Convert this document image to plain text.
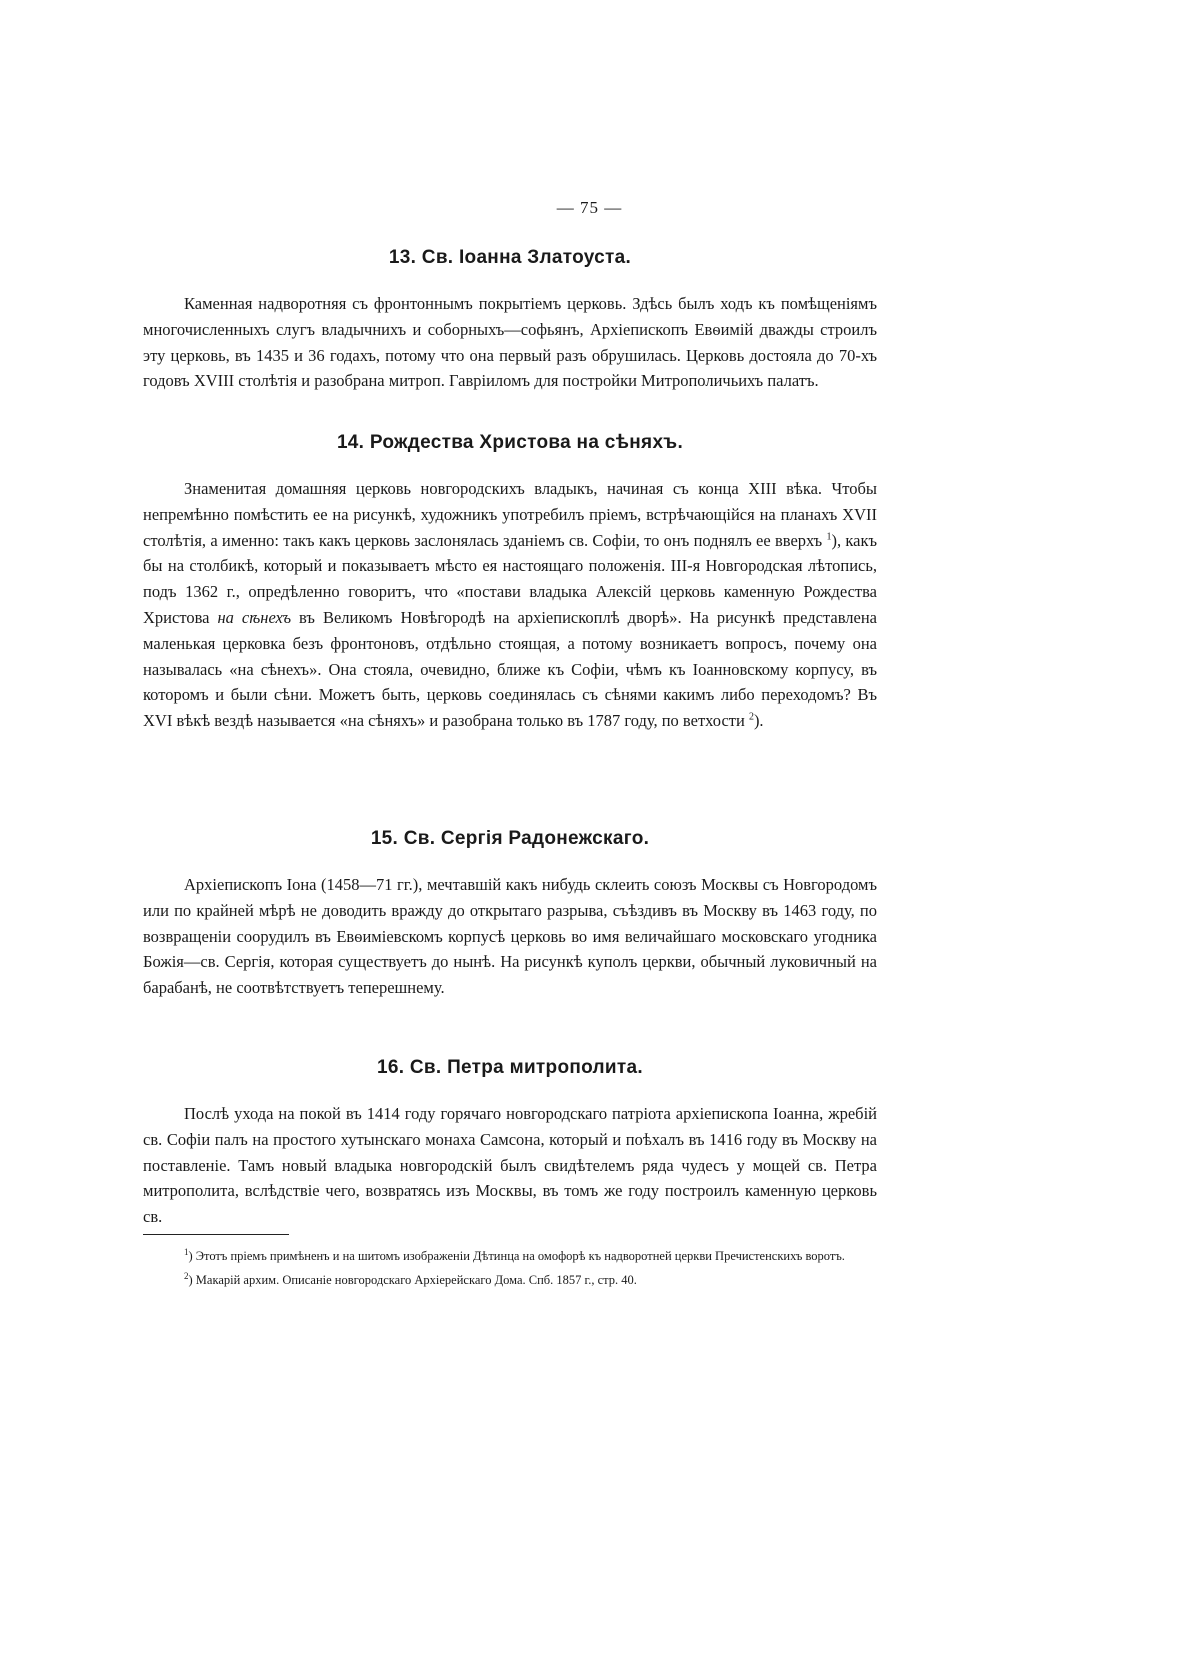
— 75 —
13. Св. Іоанна Златоуста.

Каменная надворотняя съ фронтоннымъ покрытіемъ церковь. Здѣсь былъ ходъ къ помѣщеніямъ многочисленныхъ слугъ владычнихъ и соборныхъ—софьянъ, Архіепископъ Евѳимій дважды строилъ эту церковь, въ 1435 и 36 годахъ, потому что она первый разъ обрушилась. Церковь достояла до 70-хъ годовъ XVIII столѣтія и разобрана митроп. Гавріиломъ для постройки Митрополичьихъ палатъ.

14. Рождества Христова на сѣняхъ.

Знаменитая домашняя церковь новгородскихъ владыкъ, начиная съ конца XIII вѣка. Чтобы непремѣнно помѣстить ее на рисункѣ, художникъ употребилъ пріемъ, встрѣчающійся на планахъ XVII столѣтія, а именно: такъ какъ церковь заслонялась зданіемъ св. Софіи, то онъ поднялъ ее вверхъ $^1$), какъ бы на столбикѣ, который и показываетъ мѣсто ея настоящаго положенія. III-я Новгородская лѣтопись, подъ 1362 г., опредѣленно говоритъ, что «постави владыка Алексій церковь каменную Рождества Христова на сѣнехъ въ Великомъ Новѣгородѣ на архіепископлѣ дворѣ». На рисункѣ представлена маленькая церковка безъ фронтоновъ, отдѣльно стоящая, а потому возникаетъ вопросъ, почему она называлась «на сѣнехъ». Она стояла, очевидно, ближе къ Софіи, чѣмъ къ Іоанновскому корпусу, въ которомъ и были сѣни. Можетъ быть, церковь соединялась съ сѣнями какимъ либо переходомъ? Въ XVI вѣкѣ вездѣ называется «на сѣняхъ» и разобрана только въ 1787 году, по ветхости $^2$).

15. Св. Сергія Радонежскаго.

Архіепископъ Іона (1458—71 гг.), мечтавшій какъ нибудь склеить союзъ Москвы съ Новгородомъ или по крайней мѣрѣ не доводить вражду до открытаго разрыва, съѣздивъ въ Москву въ 1463 году, по возвращеніи соорудилъ въ Евѳиміевскомъ корпусѣ церковь во имя величайшаго московскаго угодника Божія—св. Сергія, которая существуетъ до нынѣ. На рисункѣ куполъ церкви, обычный луковичный на барабанѣ, не соотвѣтствуетъ теперешнему.

16. Св. Петра митрополита.

Послѣ ухода на покой въ 1414 году горячаго новгородскаго патріота архіепископа Іоанна, жребій св. Софіи палъ на простого хутынскаго монаха Самсона, который и поѣхалъ въ 1416 году въ Москву на поставленіе. Тамъ новый владыка новгородскій былъ свидѣтелемъ ряда чудесъ у мощей св. Петра митрополита, вслѣдствіе чего, возвратясь изъ Москвы, въ томъ же году построилъ каменную церковь св.

$^1$) Этотъ пріемъ примѣненъ и на шитомъ изображеніи Дѣтинца на омофорѣ къ надворотней церкви Пречистенскихъ воротъ.

$^2$) Макарій архим. Описаніе новгородскаго Архіерейскаго Дома. Спб. 1857 г., стр. 40.
